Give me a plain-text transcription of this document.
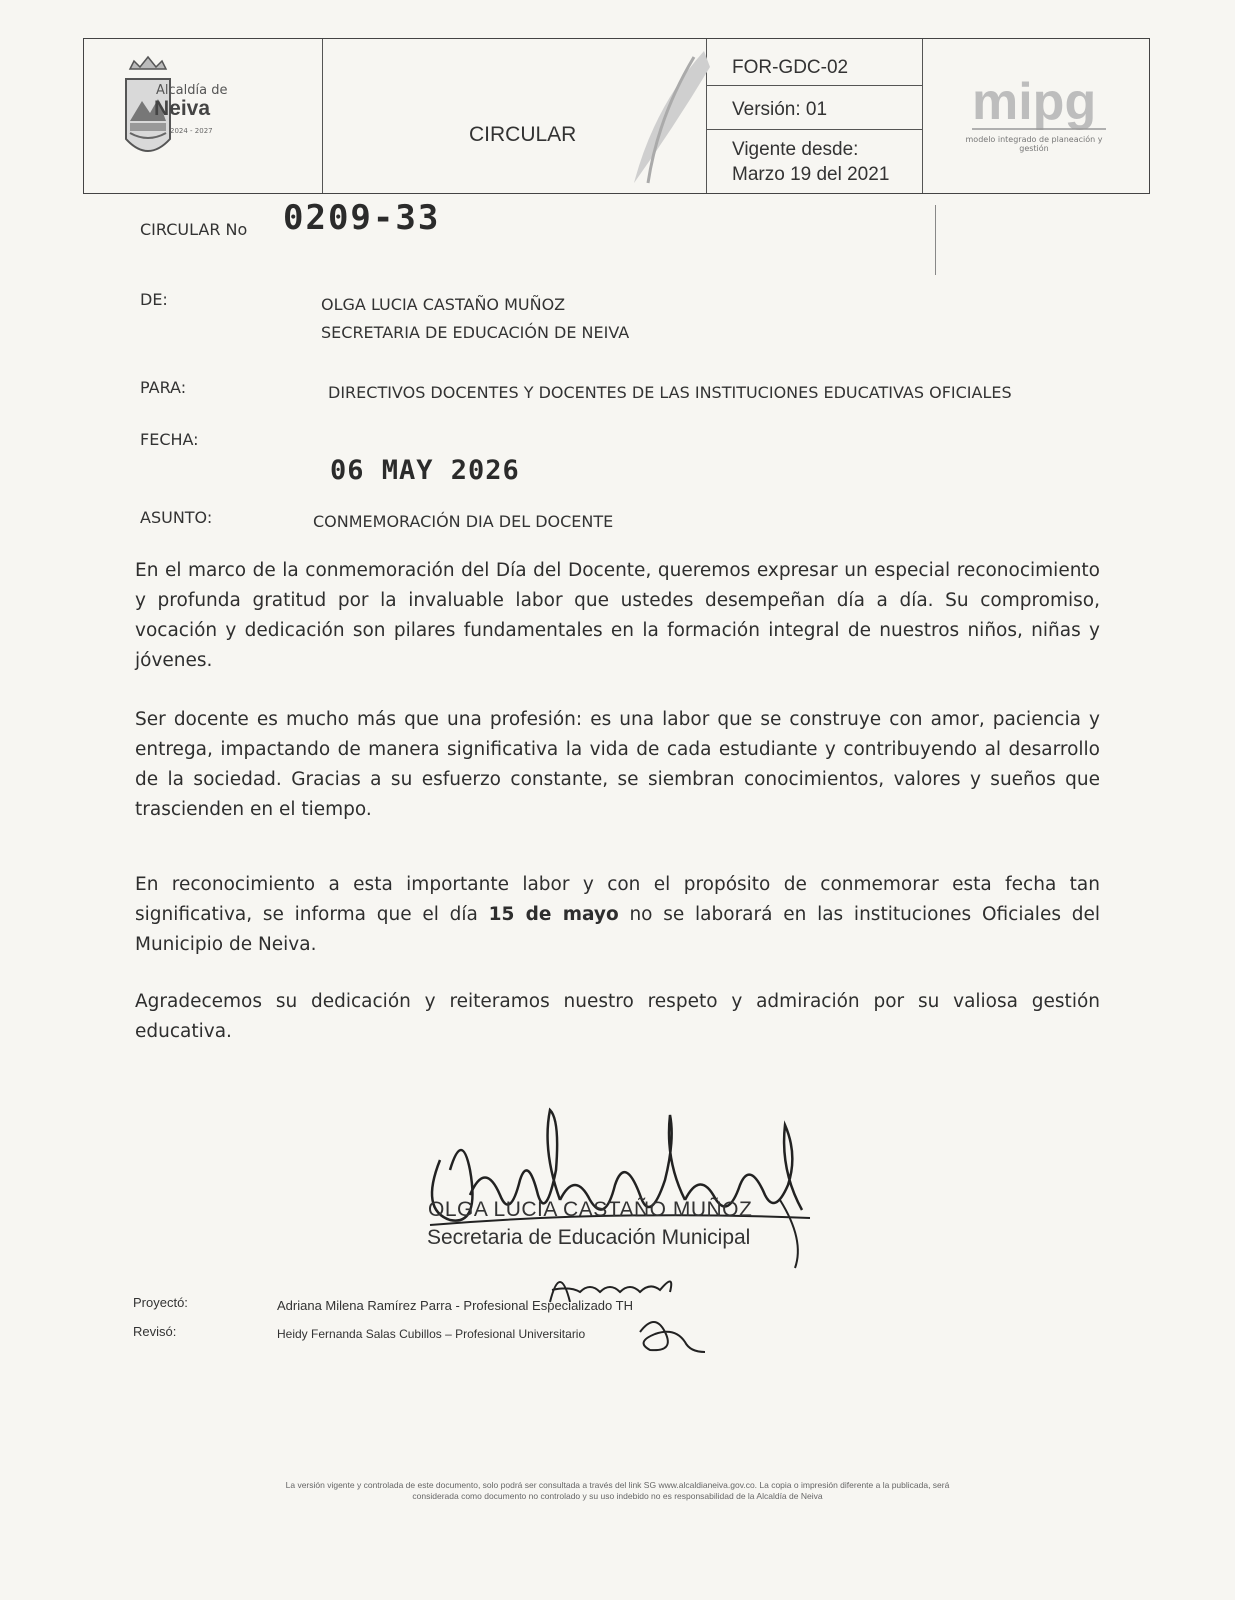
Alcaldía de
Neiva
2024 - 2027	CIRCULAR
FOR-GDC-02
Versión: 01
Vigente desde:
Marzo 19 del 2021
mipg
modelo integrado de planeación y gestión
CIRCULAR No 0209-33
DE:	OLGA LUCIA CASTAÑO MUÑOZ
SECRETARIA DE EDUCACIÓN DE NEIVA
PARA:	DIRECTIVOS DOCENTES Y DOCENTES DE LAS INSTITUCIONES EDUCATIVAS OFICIALES
FECHA:
06 MAY 2026
ASUNTO:	CONMEMORACIÓN DIA DEL DOCENTE

En el marco de la conmemoración del Día del Docente, queremos expresar un especial reconocimiento y profunda gratitud por la invaluable labor que ustedes desempeñan día a día. Su compromiso, vocación y dedicación son pilares fundamentales en la formación integral de nuestros niños, niñas y jóvenes.

Ser docente es mucho más que una profesión: es una labor que se construye con amor, paciencia y entrega, impactando de manera significativa la vida de cada estudiante y contribuyendo al desarrollo de la sociedad. Gracias a su esfuerzo constante, se siembran conocimientos, valores y sueños que trascienden en el tiempo.

En reconocimiento a esta importante labor y con el propósito de conmemorar esta fecha tan significativa, se informa que el día 15 de mayo no se laborará en las instituciones Oficiales del Municipio de Neiva.

Agradecemos su dedicación y reiteramos nuestro respeto y admiración por su valiosa gestión educativa.

OLGA LUCIA CASTAÑO MUÑOZ
Secretaria de Educación Municipal
Proyectó:	Adriana Milena Ramírez Parra - Profesional Especializado TH
Revisó:	Heidy Fernanda Salas Cubillos – Profesional Universitario
La versión vigente y controlada de este documento, solo podrá ser consultada a través del link SG www.alcaldianeiva.gov.co. La copia o impresión diferente a la publicada, será
considerada como documento no controlado y su uso indebido no es responsabilidad de la Alcaldía de Neiva
